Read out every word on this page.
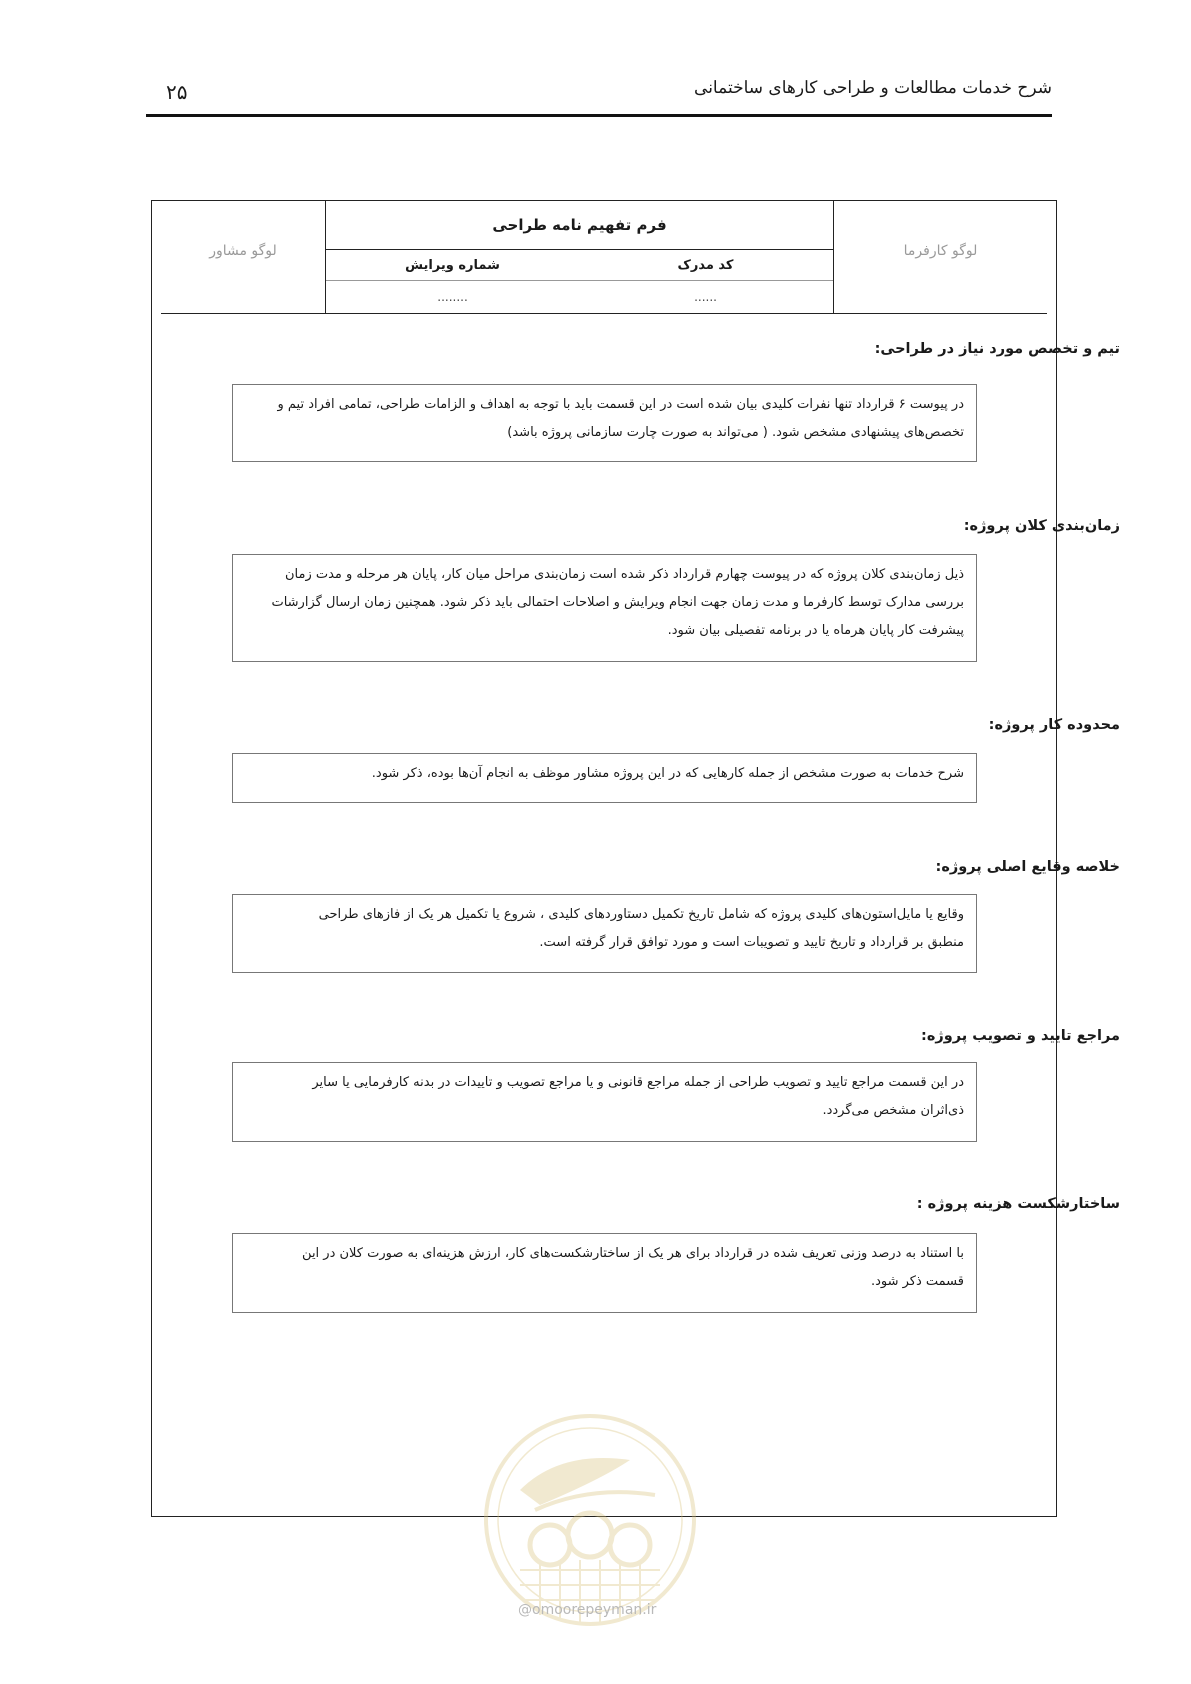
۲۵	شرح خدمات مطالعات و طراحی کارهای ساختمانی
لوگو مشاور
فرم تفهیم نامه طراحی
شماره ویرایش	کد مدرک
........	......
لوگو کارفرما
تیم و تخصص مورد نیاز در طراحی:

در پیوست ۶ قرارداد تنها نفرات کلیدی بیان شده است در این قسمت باید با توجه به اهداف و الزامات طراحی، تمامی افراد تیم و

تخصص‌های پیشنهادی مشخص شود. ( می‌تواند به صورت چارت سازمانی پروژه باشد)

زمان‌بندی کلان پروژه:

ذیل زمان‌بندی کلان پروژه که در پیوست چهارم قرارداد ذکر شده است زمان‌بندی مراحل میان کار، پایان هر مرحله و مدت زمان

بررسی مدارک توسط کارفرما و مدت زمان جهت انجام ویرایش و اصلاحات احتمالی باید ذکر شود. همچنین زمان ارسال گزارشات

پیشرفت کار پایان هرماه یا در برنامه تفصیلی بیان شود.

محدوده کار پروژه:

شرح خدمات به صورت مشخص از جمله کارهایی که در این پروژه مشاور موظف به انجام آن‌ها بوده، ذکر شود.

خلاصه وقایع اصلی پروژه:

وقایع یا مایل‌استون‌های کلیدی پروژه که شامل تاریخ تکمیل دستاوردهای کلیدی ، شروع یا تکمیل هر یک از فازهای طراحی

منطبق بر قرارداد و تاریخ تایید و تصویبات است و مورد توافق قرار گرفته است.

مراجع تایید و تصویب پروژه:

در این قسمت مراجع تایید و تصویب طراحی از جمله مراجع قانونی و یا مراجع تصویب و تاییدات در بدنه کارفرمایی یا سایر

ذی‌اثران مشخص می‌گردد.

ساختارشکست هزینه پروژه :

با استناد به درصد وزنی تعریف شده در قرارداد برای هر یک از ساختارشکست‌های کار، ارزش هزینه‌ای به صورت کلان در این

قسمت ذکر شود.

@omoorepeyman.ir
